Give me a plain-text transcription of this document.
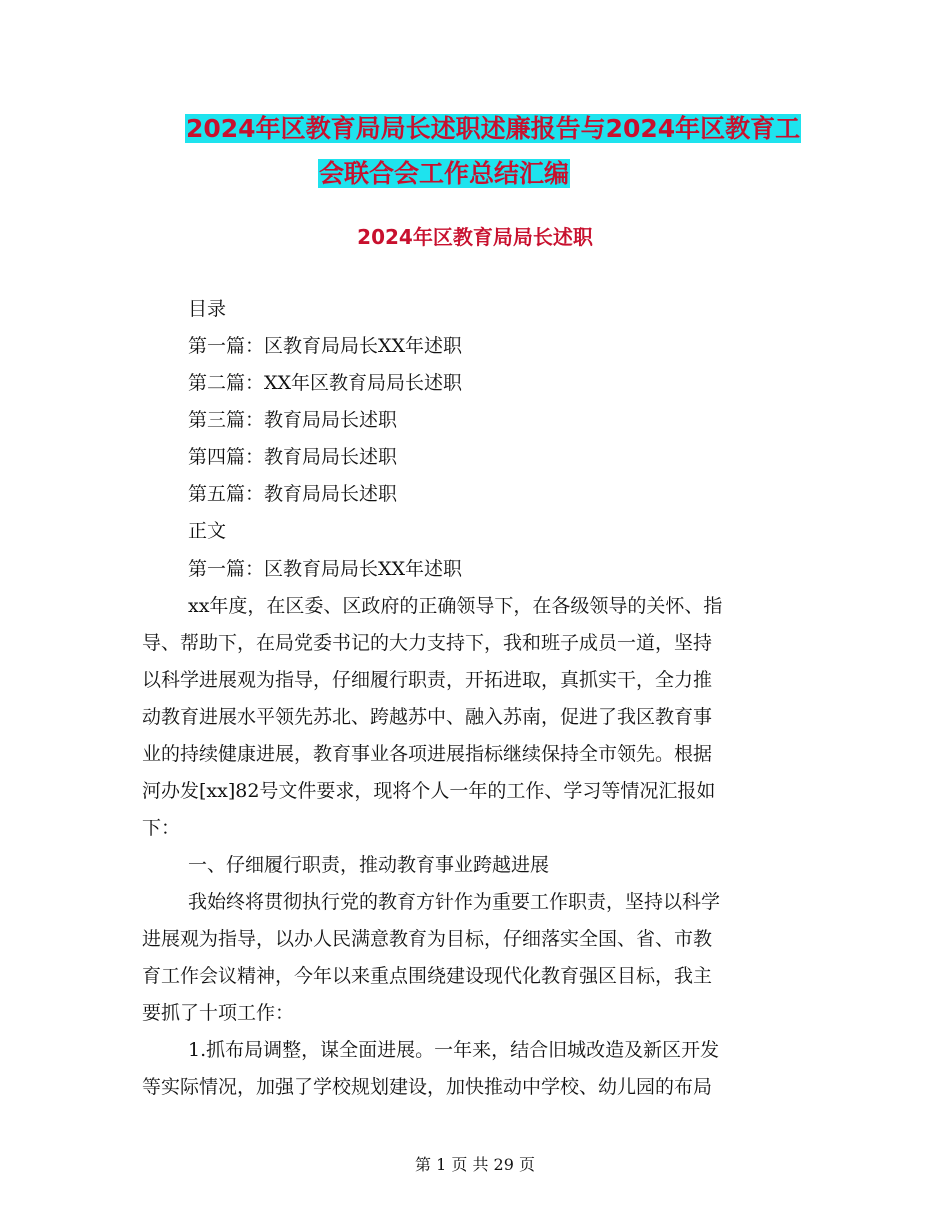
2024年区教育局局长述职述廉报告与2024年区教育工
会联合会工作总结汇编
2024年区教育局局长述职
目录
第一篇：区教育局局长XX年述职
第二篇：XX年区教育局局长述职
第三篇：教育局局长述职
第四篇：教育局局长述职
第五篇：教育局局长述职
正文
第一篇：区教育局局长XX年述职
xx年度，在区委、区政府的正确领导下，在各级领导的关怀、指
导、帮助下，在局党委书记的大力支持下，我和班子成员一道，坚持
以科学进展观为指导，仔细履行职责，开拓进取，真抓实干，全力推
动教育进展水平领先苏北、跨越苏中、融入苏南，促进了我区教育事
业的持续健康进展，教育事业各项进展指标继续保持全市领先。根据
河办发[xx]82号文件要求，现将个人一年的工作、学习等情况汇报如
下：
一、仔细履行职责，推动教育事业跨越进展
我始终将贯彻执行党的教育方针作为重要工作职责，坚持以科学
进展观为指导，以办人民满意教育为目标，仔细落实全国、省、市教
育工作会议精神，今年以来重点围绕建设现代化教育强区目标，我主
要抓了十项工作：
1.抓布局调整，谋全面进展。一年来，结合旧城改造及新区开发
等实际情况，加强了学校规划建设，加快推动中学校、幼儿园的布局
第 1 页 共 29 页
